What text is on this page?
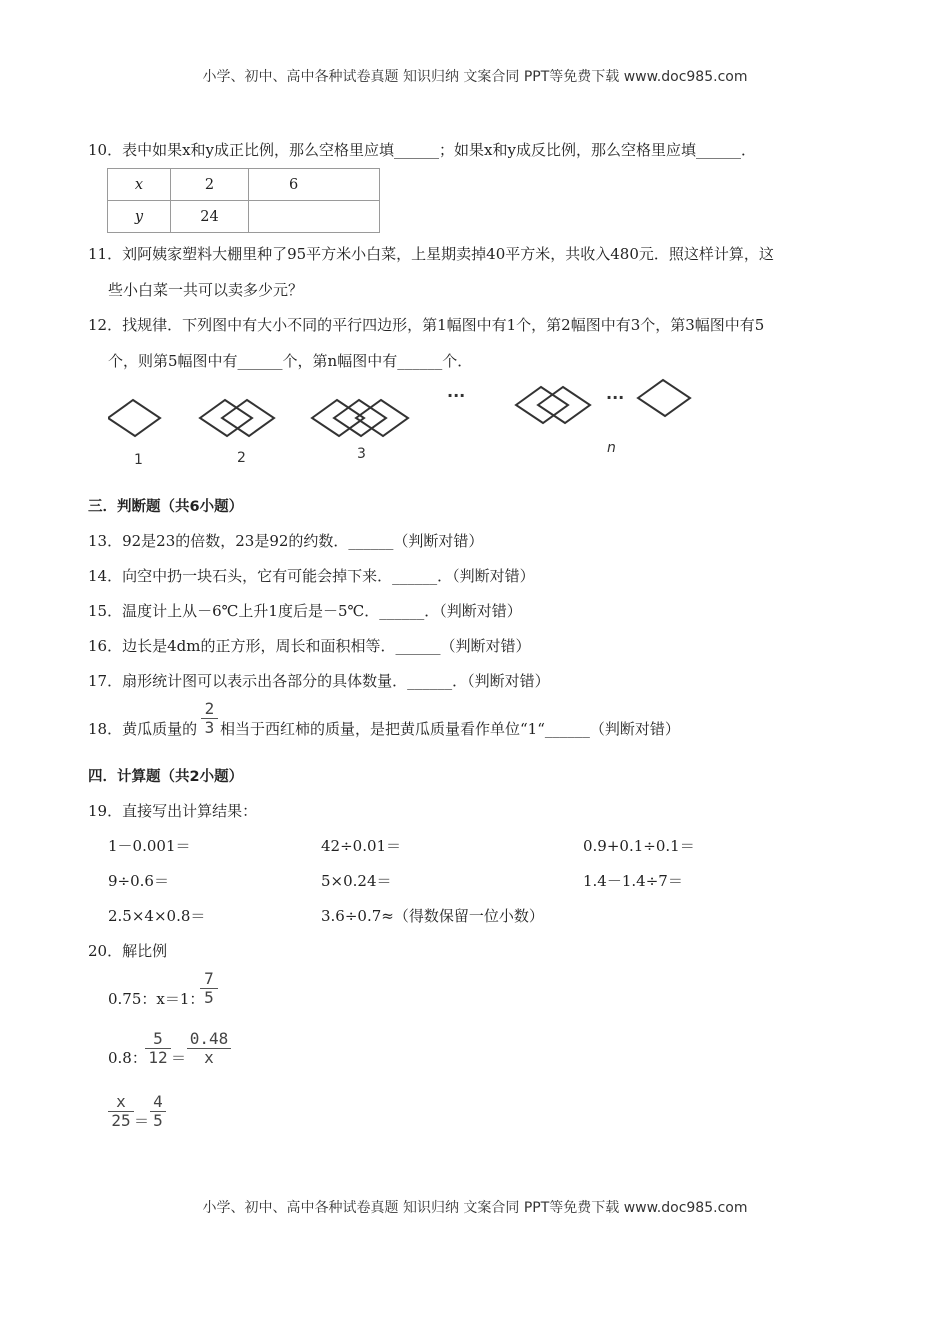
小学、初中、高中各种试卷真题 知识归纳 文案合同 PPT等免费下载 www.doc985.com
10．表中如果x和y成正比例，那么空格里应填______；如果x和y成反比例，那么空格里应填______．
x	2	6
y	24	
11．刘阿姨家塑料大棚里种了95平方米小白菜，上星期卖掉40平方米，共收入480元．照这样计算，这
些小白菜一共可以卖多少元？
12．找规律．下列图中有大小不同的平行四边形，第1幅图中有1个，第2幅图中有3个，第3幅图中有5
个，则第5幅图中有______个，第n幅图中有______个．
1	2	3
···	···
n
三．判断题（共6小题）
13．92是23的倍数，23是92的约数．______（判断对错）
14．向空中扔一块石头，它有可能会掉下来．______．（判断对错）
15．温度计上从－6℃上升1度后是－5℃．______．（判断对错）
16．边长是4dm的正方形，周长和面积相等．______（判断对错）
17．扇形统计图可以表示出各部分的具体数量．______．（判断对错）
18．黄瓜质量的
2
3 相当于西红柿的质量，是把黄瓜质量看作单位“1“______（判断对错）
四．计算题（共2小题）
19．直接写出计算结果：
1－0.001＝	42÷0.01＝	0.9+0.1÷0.1＝
9÷0.6＝	5×0.24＝	1.4－1.4÷7＝
2.5×4×0.8＝	3.6÷0.7≈（得数保留一位小数）
20．解比例
0.75：x＝1：
7
5
0.8：
5
12 ＝
0.48
x
x
25 ＝
4
5
小学、初中、高中各种试卷真题 知识归纳 文案合同 PPT等免费下载 www.doc985.com
